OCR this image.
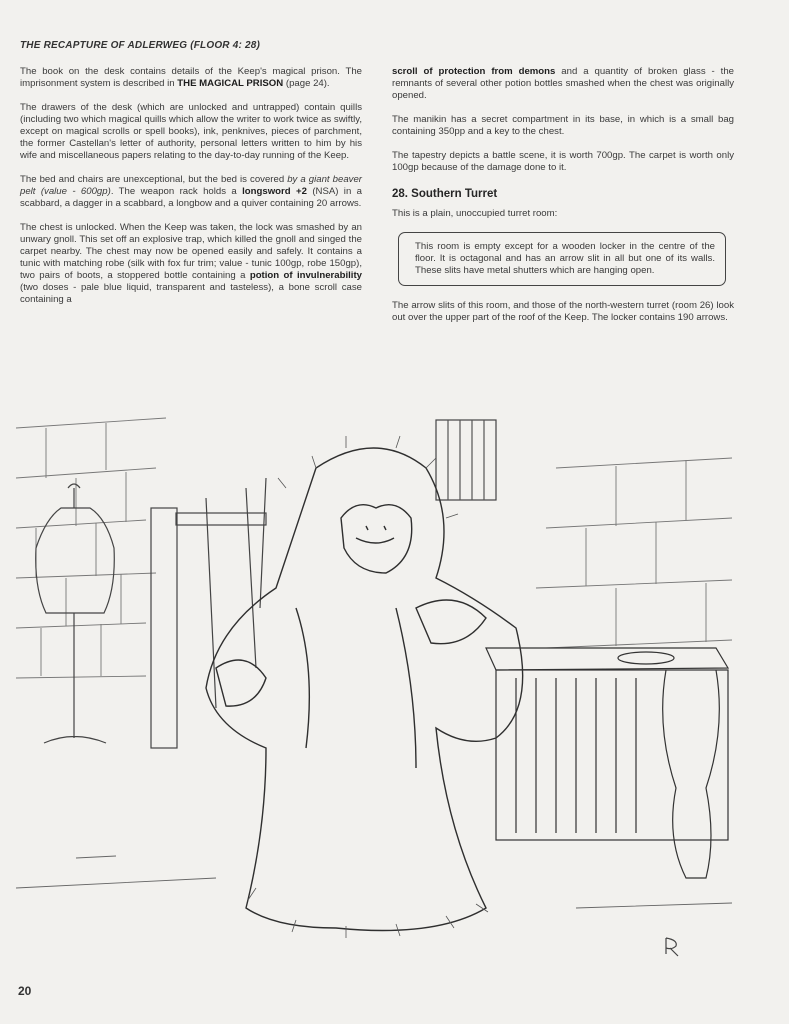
THE RECAPTURE OF ADLERWEG (FLOOR 4: 28)

The book on the desk contains details of the Keep's magical prison. The imprisonment system is described in THE MAGICAL PRISON (page 24).

The drawers of the desk (which are unlocked and untrapped) contain quills (including two which magical quills which allow the writer to work twice as swiftly, except on magical scrolls or spell books), ink, penknives, pieces of parchment, the former Castellan's letter of authority, personal letters written to him by his wife and miscellaneous papers relating to the day-to-day running of the Keep.

The bed and chairs are unexceptional, but the bed is covered by a giant beaver pelt (value - 600gp). The weapon rack holds a longsword +2 (NSA) in a scabbard, a dagger in a scabbard, a longbow and a quiver containing 20 arrows.

The chest is unlocked. When the Keep was taken, the lock was smashed by an unwary gnoll. This set off an explosive trap, which killed the gnoll and singed the carpet nearby. The chest may now be opened easily and safely. It contains a tunic with matching robe (silk with fox fur trim; value - tunic 100gp, robe 150gp), two pairs of boots, a stoppered bottle containing a potion of invulnerability (two doses - pale blue liquid, transparent and tasteless), a bone scroll case containing a

scroll of protection from demons and a quantity of broken glass - the remnants of several other potion bottles smashed when the chest was originally opened.

The manikin has a secret compartment in its base, in which is a small bag containing 350pp and a key to the chest.

The tapestry depicts a battle scene, it is worth 700gp. The carpet is worth only 100gp because of the damage done to it.

28. Southern Turret

This is a plain, unoccupied turret room:

This room is empty except for a wooden locker in the centre of the floor. It is octagonal and has an arrow slit in all but one of its walls. These slits have metal shutters which are hanging open.

The arrow slits of this room, and those of the north-western turret (room 26) look out over the upper part of the roof of the Keep. The locker contains 190 arrows.

20
